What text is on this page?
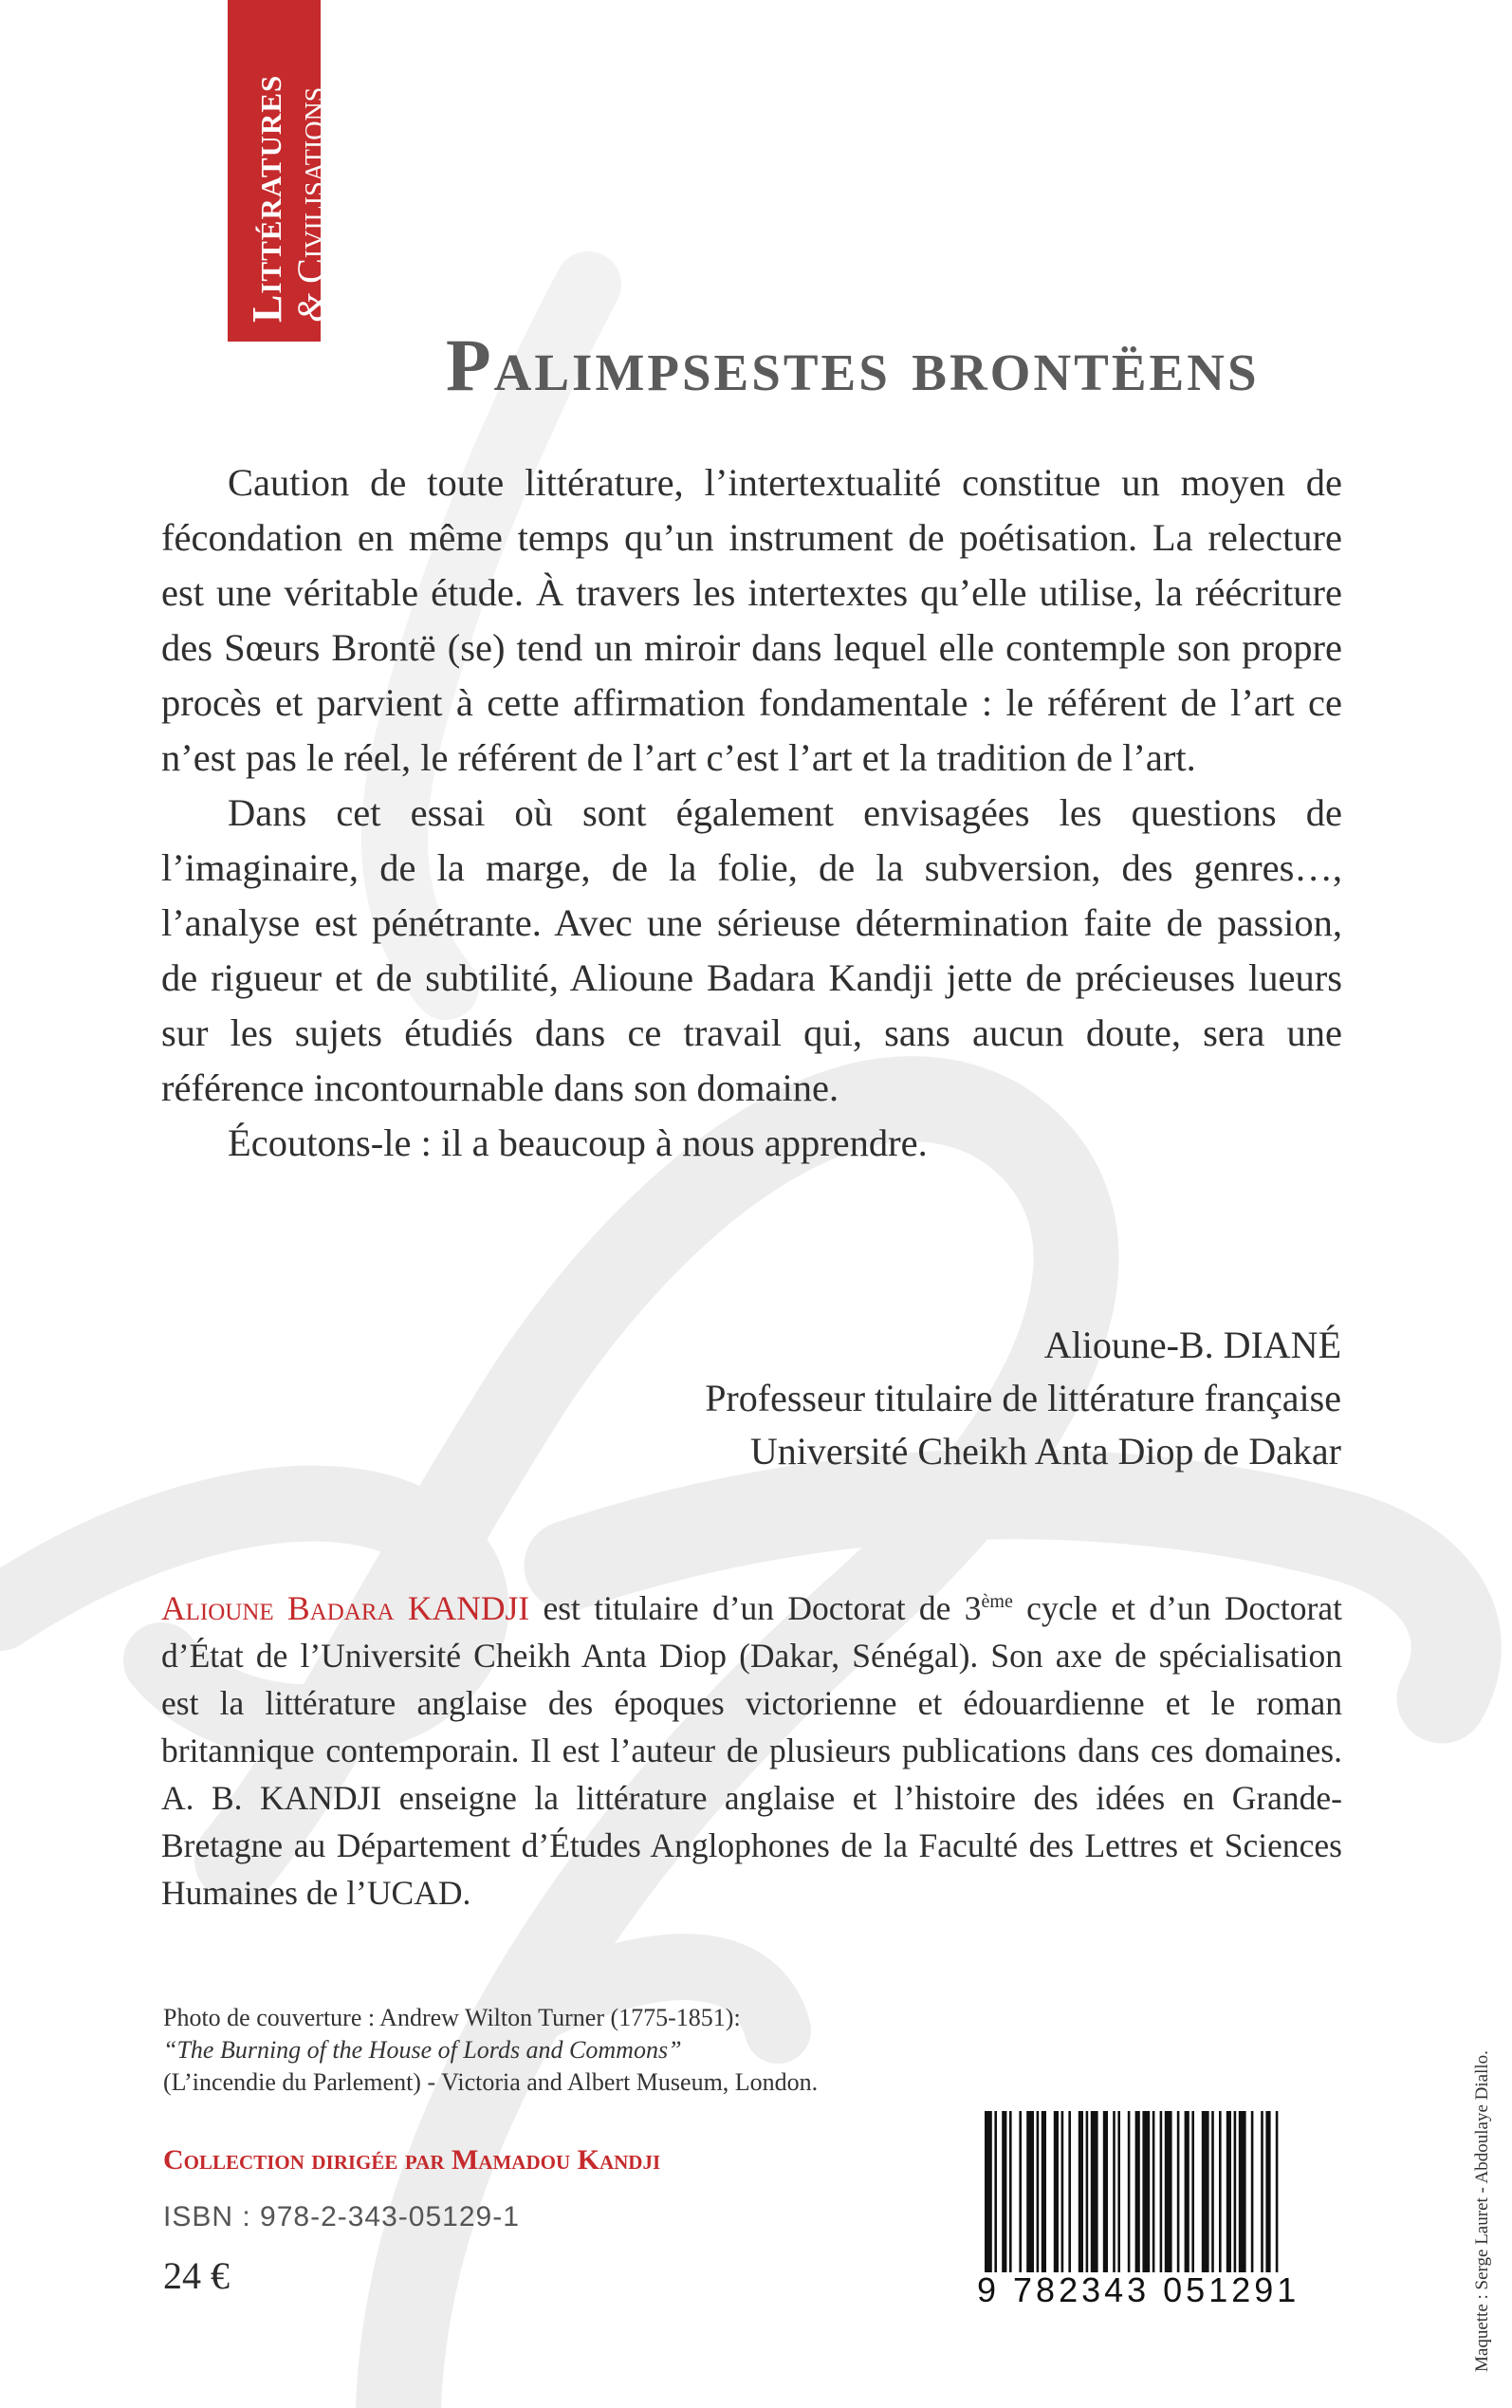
Littératures & Civilisations
Palimpsestes brontëens

Caution de toute littérature, l’intertextualité constitue un moyen de fécondation en même temps qu’un instrument de poétisation. La relecture est une véritable étude. À travers les intertextes qu’elle utilise, la réécriture des Sœurs Brontë (se) tend un miroir dans lequel elle contemple son propre procès et parvient à cette affirmation fondamentale : le référent de l’art ce n’est pas le réel, le référent de l’art c’est l’art et la tradition de l’art.

Dans cet essai où sont également envisagées les questions de l’imaginaire, de la marge, de la folie, de la subversion, des genres…, l’analyse est pénétrante. Avec une sérieuse détermination faite de passion, de rigueur et de subtilité, Alioune Badara Kandji jette de précieuses lueurs sur les sujets étudiés dans ce travail qui, sans aucun doute, sera une référence incontournable dans son domaine.

Écoutons-le : il a beaucoup à nous apprendre.

Alioune-B. DIANÉ
Professeur titulaire de littérature française
Université Cheikh Anta Diop de Dakar

Alioune Badara KANDJI est titulaire d’un Doctorat de 3ème cycle et d’un Doctorat d’État de l’Université Cheikh Anta Diop (Dakar, Sénégal). Son axe de spécialisation est la littérature anglaise des époques victorienne et édouardienne et le roman britannique contemporain. Il est l’auteur de plusieurs publications dans ces domaines. A. B. KANDJI enseigne la littérature anglaise et l’histoire des idées en Grande-Bretagne au Département d’Études Anglophones de la Faculté des Lettres et Sciences Humaines de l’UCAD.

Photo de couverture : Andrew Wilton Turner (1775-1851):
“The Burning of the House of Lords and Commons”
(L’incendie du Parlement) - Victoria and Albert Museum, London.
Collection dirigée par Mamadou Kandji
ISBN : 978-2-343-05129-1
24 €	9 782343 051291	Maquette : Serge Lauret - Abdoulaye Diallo.
